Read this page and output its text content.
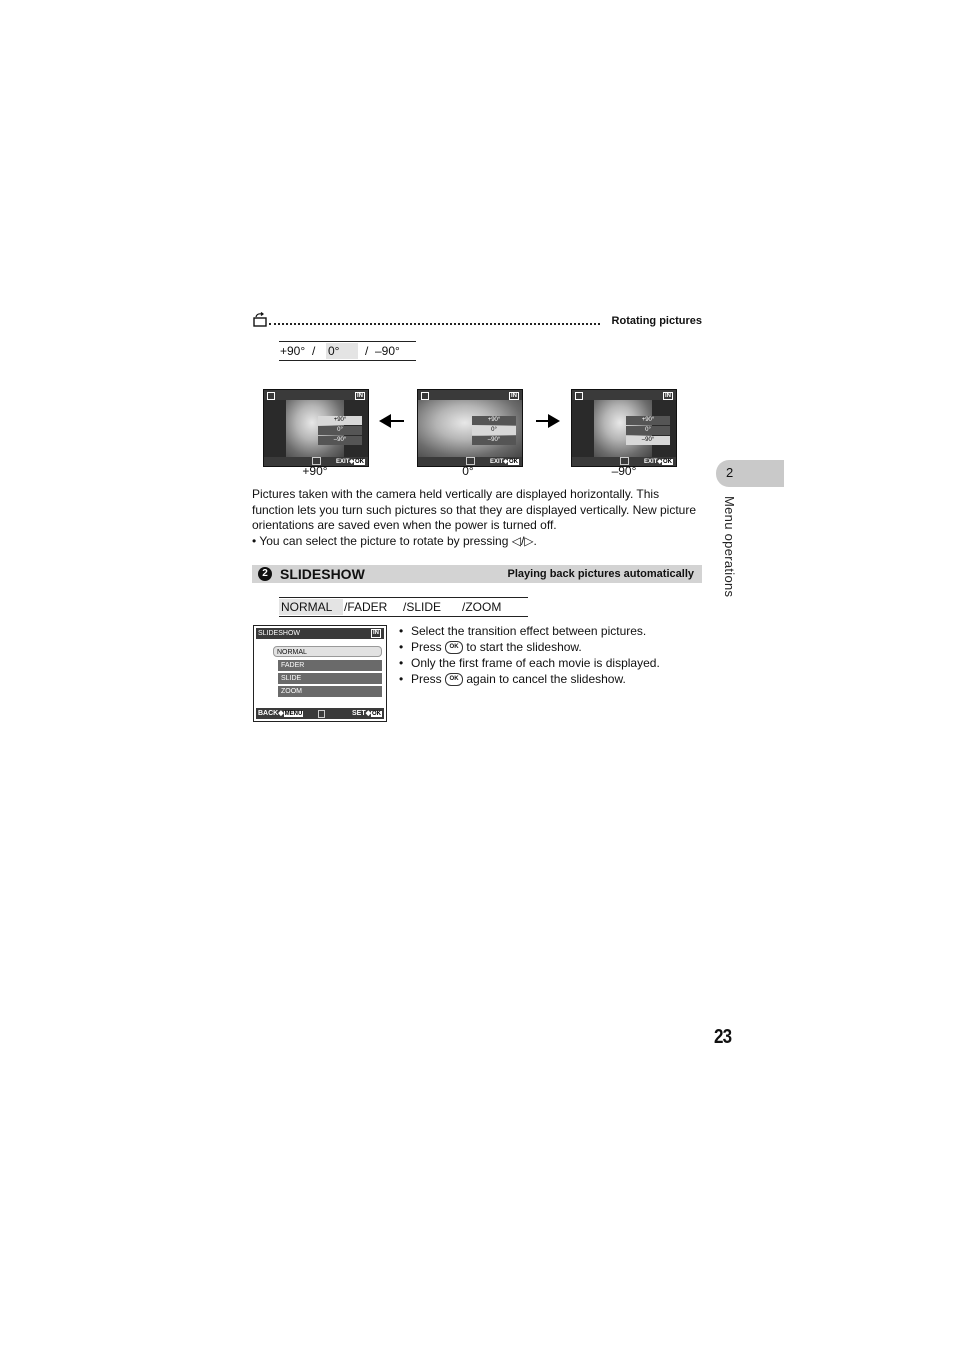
Rotating pictures
+90° / 0°	/ –90°
IN
+90°
0°
–90°
EXIT◆OK
+90°
IN
+90°
0°
–90°
EXIT◆OK
0°
IN
+90°
0°
–90°
EXIT◆OK
–90°

Pictures taken with the camera held vertically are displayed horizontally. This function lets you turn such pictures so that they are displayed vertically. New picture orientations are saved even when the power is turned off.

• You can select the picture to rotate by pressing ◁/▷.

2 SLIDESHOW	Playing back pictures automatically
NORMAL /FADER /SLIDE /ZOOM
SLIDESHOW	IN
NORMAL
FADER
SLIDE
ZOOM
BACK◆MENU	SET◆OK
• Select the transition effect between pictures.
• Press OK to start the slideshow.
• Only the first frame of each movie is displayed.
• Press OK again to cancel the slideshow.
2
Menu operations
23
